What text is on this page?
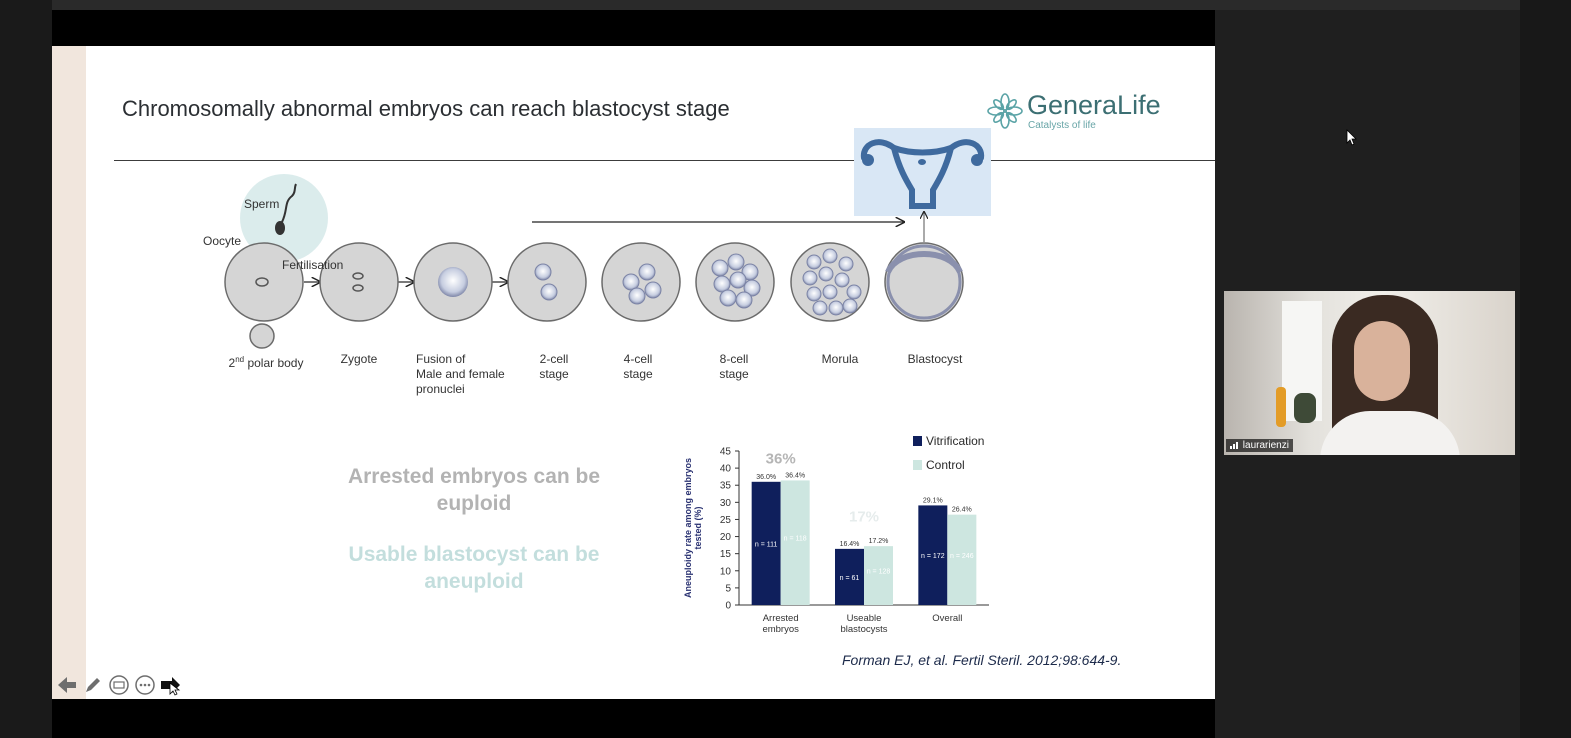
Chromosomally abnormal embryos can reach blastocyst stage	GeneraLife
Catalysts of life
Sperm
Oocyte
Fertilisation
2nd polar body	Zygote	Fusion of
Male and female
pronuclei
2-cell
stage
4-cell
stage
8-cell
stage
Morula	Blastocyst
Arrested embryos can be
euploid
Usable blastocyst can be
aneuploid
0
5
10
15
20
25
30
35
40
45
Aneuploidy rate among embryostested (%)
36.0%
n = 111
36.4%
n = 118
Arrested
embryos
16.4%
n = 61
17.2%
n = 128
Useable
blastocysts
29.1%
n = 172
26.4%
n = 246
Overall
36%
17%
Vitrification
Control
Forman EJ, et al. Fertil Steril. 2012;98:644-9.
laurarienzi
